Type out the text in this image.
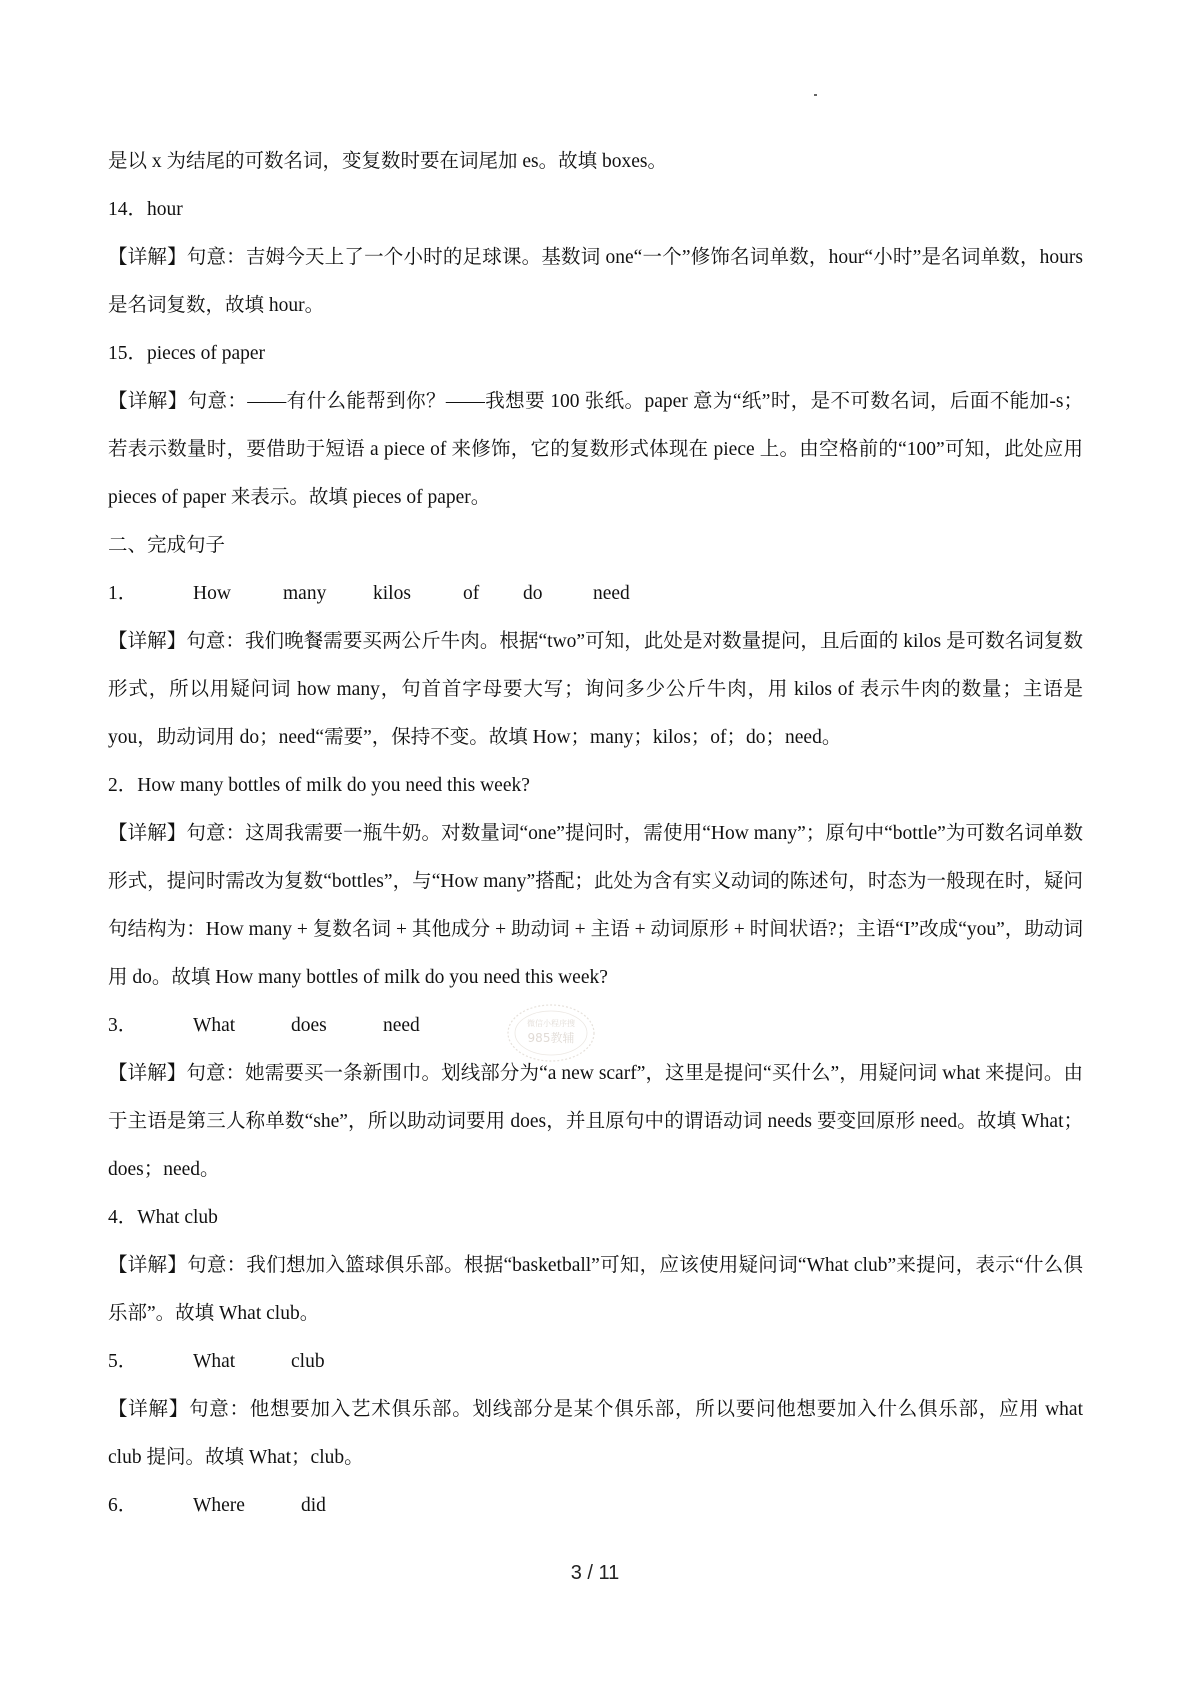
是以 x 为结尾的可数名词，变复数时要在词尾加 es。故填 boxes。
14．hour
【详解】句意：吉姆今天上了一个小时的足球课。基数词 one“一个”修饰名词单数，hour“小时”是名词单数，hours 是名词复数，故填 hour。
15．pieces of paper
【详解】句意：——有什么能帮到你？——我想要 100 张纸。paper 意为“纸”时，是不可数名词，后面不能加-s；若表示数量时，要借助于短语 a piece of 来修饰，它的复数形式体现在 piece 上。由空格前的“100”可知，此处应用 pieces of paper 来表示。故填 pieces of paper。
二、完成句子
1．	How	many	kilos	of	do	need
【详解】句意：我们晚餐需要买两公斤牛肉。根据“two”可知，此处是对数量提问，且后面的 kilos 是可数名词复数形式，所以用疑问词 how many，句首首字母要大写；询问多少公斤牛肉，用 kilos of 表示牛肉的数量；主语是 you，助动词用 do；need“需要”，保持不变。故填 How；many；kilos；of；do；need。
2．How many bottles of milk do you need this week?
【详解】句意：这周我需要一瓶牛奶。对数量词“one”提问时，需使用“How many”；原句中“bottle”为可数名词单数形式，提问时需改为复数“bottles”，与“How many”搭配；此处为含有实义动词的陈述句，时态为一般现在时，疑问句结构为：How many + 复数名词 + 其他成分 + 助动词 + 主语 + 动词原形 + 时间状语?；主语“I”改成“you”，助动词用 do。故填 How many bottles of milk do you need this week?
3．	What	does	need
【详解】句意：她需要买一条新围巾。划线部分为“a new scarf”，这里是提问“买什么”，用疑问词 what 来提问。由于主语是第三人称单数“she”，所以助动词要用 does，并且原句中的谓语动词 needs 要变回原形 need。故填 What；does；need。
4．What club
【详解】句意：我们想加入篮球俱乐部。根据“basketball”可知，应该使用疑问词“What club”来提问，表示“什么俱乐部”。故填 What club。
5．	What	club
【详解】句意：他想要加入艺术俱乐部。划线部分是某个俱乐部，所以要问他想要加入什么俱乐部，应用 what club 提问。故填 What；club。
6．	Where	did
微信小程序搜
985教辅
3 / 11
